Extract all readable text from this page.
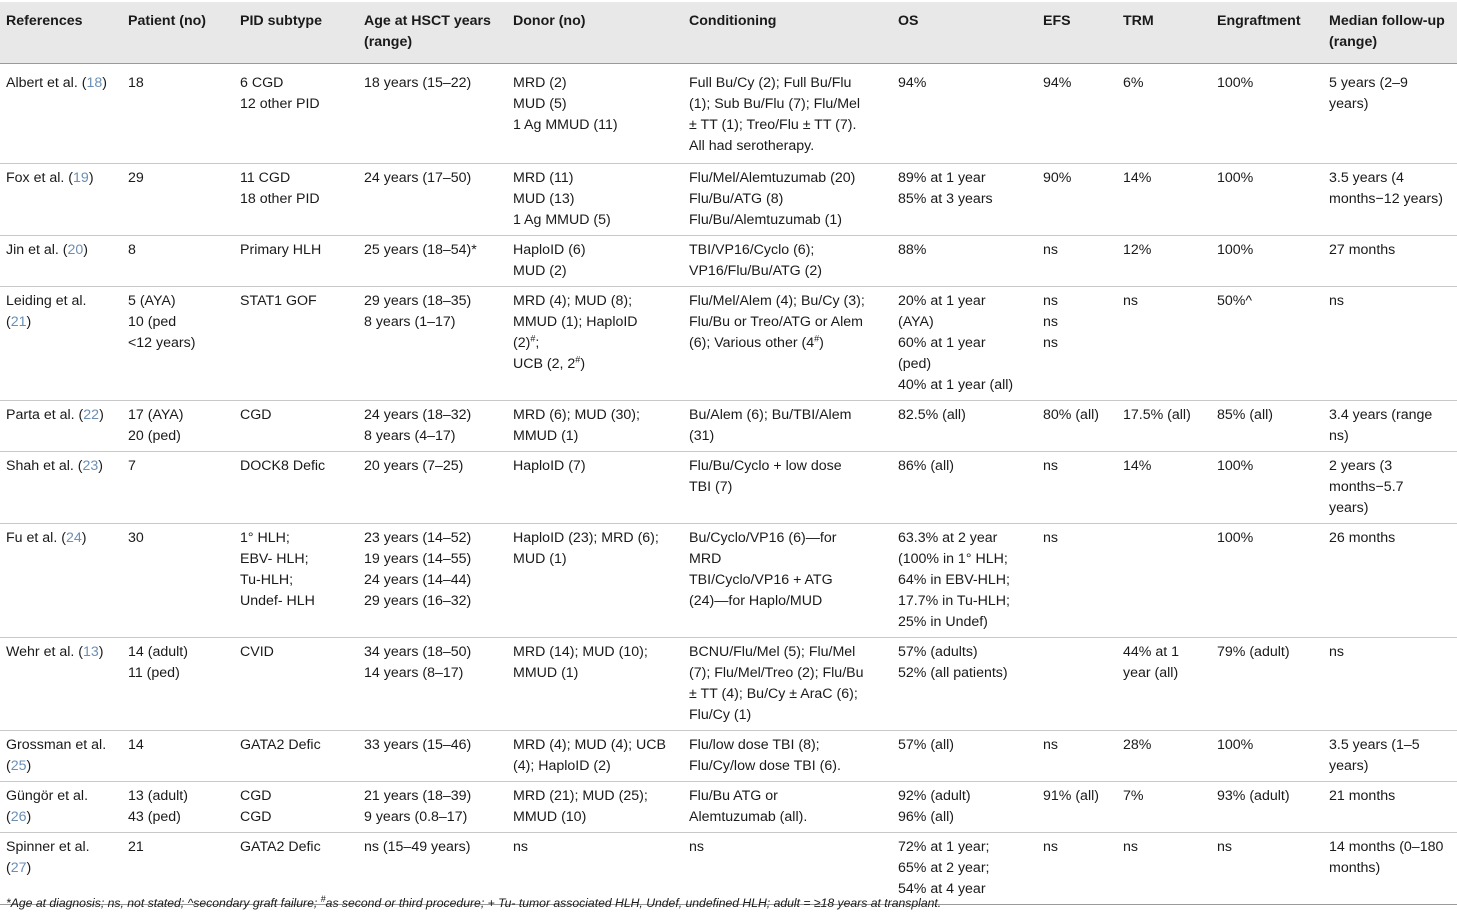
References	Patient (no)	PID subtype	Age at HSCT years (range)	Donor (no)	Conditioning	OS	EFS	TRM	Engraftment	Median follow-up (range)
Albert et al. (18)	18	6 CGD
12 other PID	18 years (15–22)	MRD (2)
MUD (5)
1 Ag MMUD (11)	Full Bu/Cy (2); Full Bu/Flu
(1); Sub Bu/Flu (7); Flu/Mel
± TT (1); Treo/Flu ± TT (7).
All had serotherapy.	94%	94%	6%	100%	5 years (2–9 years)
Fox et al. (19)	29	11 CGD
18 other PID	24 years (17–50)	MRD (11)
MUD (13)
1 Ag MMUD (5)	Flu/Mel/Alemtuzumab (20)
Flu/Bu/ATG (8)
Flu/Bu/Alemtuzumab (1)	89% at 1 year
85% at 3 years	90%	14%	100%	3.5 years (4
months−12 years)
Jin et al. (20)	8	Primary HLH	25 years (18–54)*	HaploID (6)
MUD (2)	TBI/VP16/Cyclo (6);
VP16/Flu/Bu/ATG (2)	88%	ns	12%	100%	27 months
Leiding et al.
(21)	5 (AYA)
10 (ped
<12 years)	STAT1 GOF	29 years (18–35)
8 years (1–17)	MRD (4); MUD (8);
MMUD (1); HaploID
(2)#;
UCB (2, 2#)	Flu/Mel/Alem (4); Bu/Cy (3);
Flu/Bu or Treo/ATG or Alem
(6); Various other (4#)	20% at 1 year
(AYA)
60% at 1 year
(ped)
40% at 1 year (all)	ns
ns
ns	ns	50%^	ns
Parta et al. (22)	17 (AYA)
20 (ped)	CGD	24 years (18–32)
8 years (4–17)	MRD (6); MUD (30);
MMUD (1)	Bu/Alem (6); Bu/TBI/Alem
(31)	82.5% (all)	80% (all)	17.5% (all)	85% (all)	3.4 years (range
ns)
Shah et al. (23)	7	DOCK8 Defic	20 years (7–25)	HaploID (7)	Flu/Bu/Cyclo + low dose
TBI (7)	86% (all)	ns	14%	100%	2 years (3
months−5.7
years)
Fu et al. (24)	30	1° HLH;
EBV- HLH;
Tu-HLH;
Undef- HLH	23 years (14–52)
19 years (14–55)
24 years (14–44)
29 years (16–32)	HaploID (23); MRD (6);
MUD (1)	Bu/Cyclo/VP16 (6)—for
MRD
TBI/Cyclo/VP16 + ATG
(24)—for Haplo/MUD	63.3% at 2 year
(100% in 1° HLH;
64% in EBV-HLH;
17.7% in Tu-HLH;
25% in Undef)	ns		100%	26 months
Wehr et al. (13)	14 (adult)
11 (ped)	CVID	34 years (18–50)
14 years (8–17)	MRD (14); MUD (10);
MMUD (1)	BCNU/Flu/Mel (5); Flu/Mel
(7); Flu/Mel/Treo (2); Flu/Bu
± TT (4); Bu/Cy ± AraC (6);
Flu/Cy (1)	57% (adults)
52% (all patients)		44% at 1
year (all)	79% (adult)	ns
Grossman et al.
(25)	14	GATA2 Defic	33 years (15–46)	MRD (4); MUD (4); UCB
(4); HaploID (2)	Flu/low dose TBI (8);
Flu/Cy/low dose TBI (6).	57% (all)	ns	28%	100%	3.5 years (1–5
years)
Güngör et al.
(26)	13 (adult)
43 (ped)	CGD
CGD	21 years (18–39)
9 years (0.8–17)	MRD (21); MUD (25);
MMUD (10)	Flu/Bu ATG or
Alemtuzumab (all).	92% (adult)
96% (all)	91% (all)	7%	93% (adult)	21 months
Spinner et al.
(27)	21	GATA2 Defic	ns (15–49 years)	ns	ns	72% at 1 year;
65% at 2 year;
54% at 4 year	ns	ns	ns	14 months (0–180
months)
*Age at diagnosis; ns, not stated; ^secondary graft failure; #as second or third procedure; + Tu- tumor associated HLH, Undef, undefined HLH; adult = ≥18 years at transplant.
